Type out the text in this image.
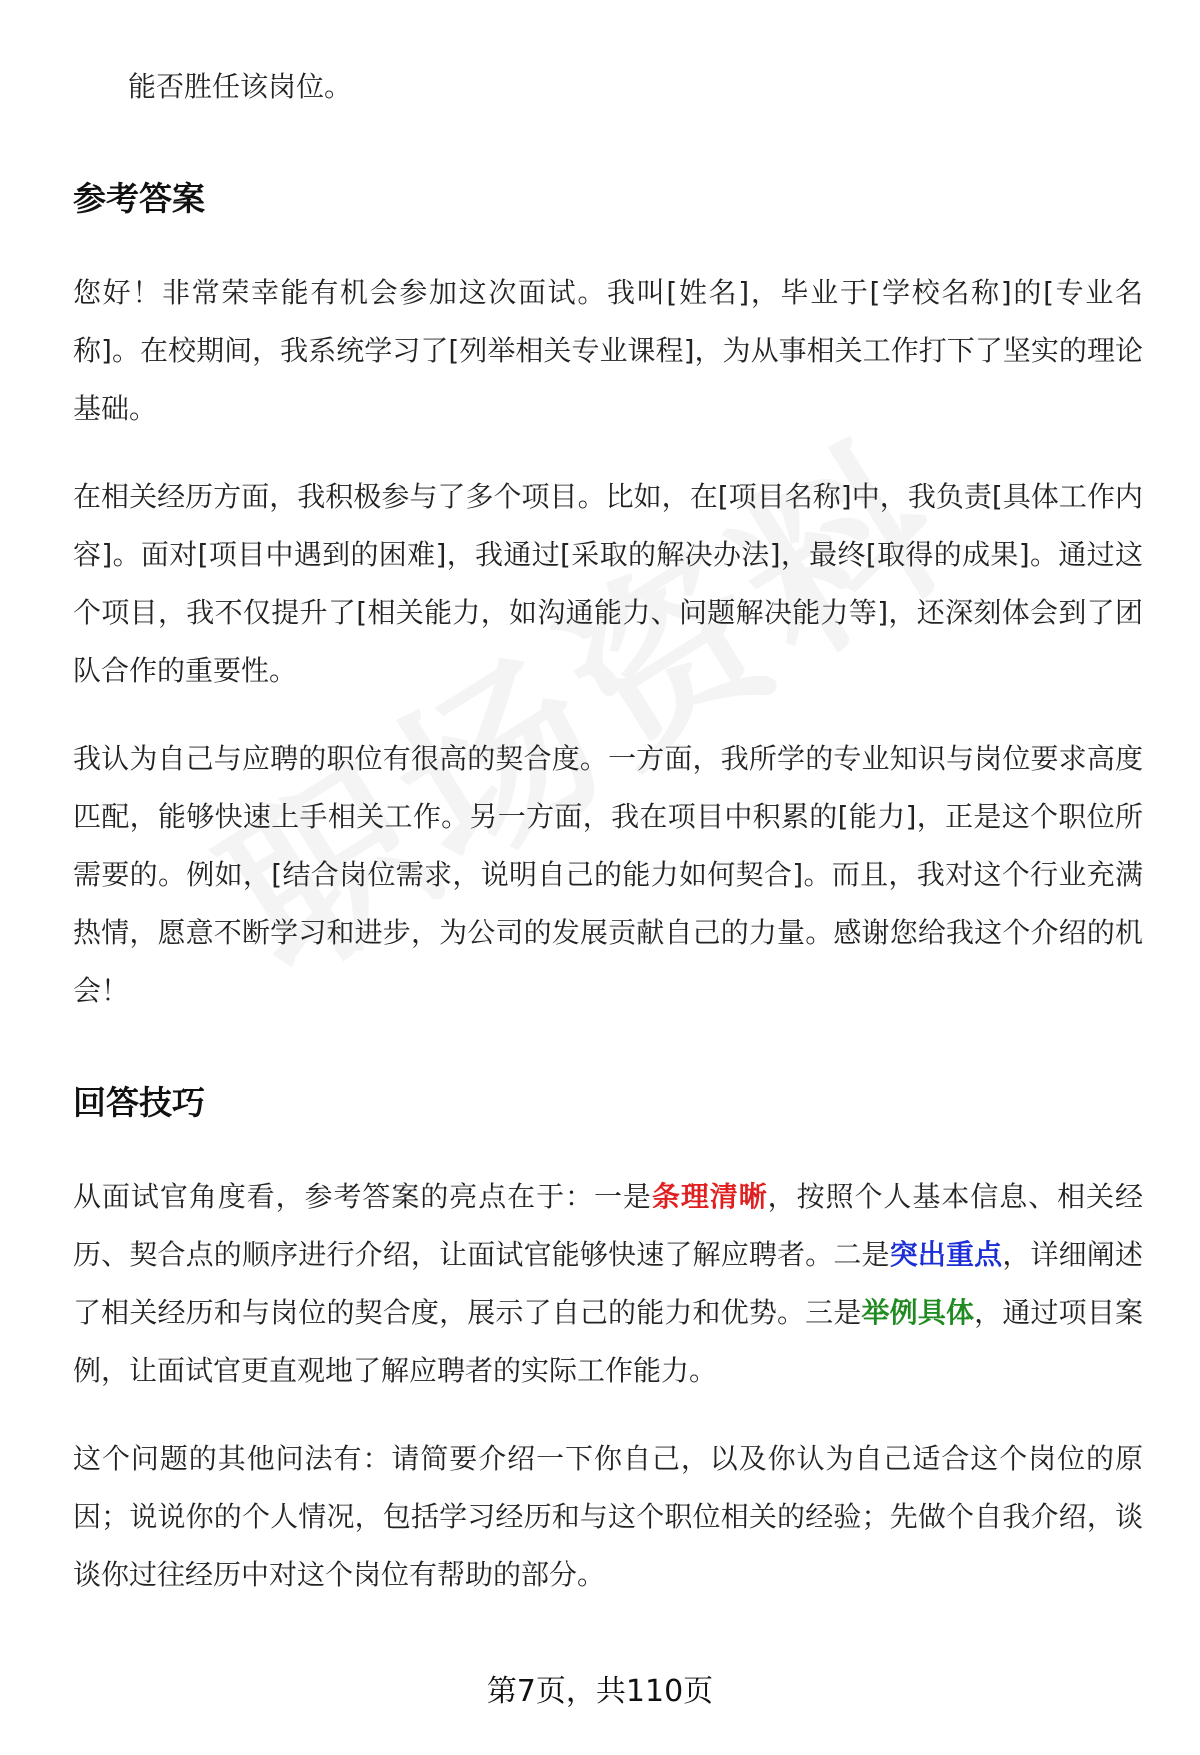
能否胜任该岗位。
参考答案

您好！非常荣幸能有机会参加这次面试。我叫[姓名]，毕业于[学校名称]的[专业名称]。在校期间，我系统学习了[列举相关专业课程]，为从事相关工作打下了坚实的理论基础。

在相关经历方面，我积极参与了多个项目。比如，在[项目名称]中，我负责[具体工作内容]。面对[项目中遇到的困难]，我通过[采取的解决办法]，最终[取得的成果]。通过这个项目，我不仅提升了[相关能力，如沟通能力、问题解决能力等]，还深刻体会到了团队合作的重要性。

我认为自己与应聘的职位有很高的契合度。一方面，我所学的专业知识与岗位要求高度匹配，能够快速上手相关工作。另一方面，我在项目中积累的[能力]，正是这个职位所需要的。例如，[结合岗位需求，说明自己的能力如何契合]。而且，我对这个行业充满热情，愿意不断学习和进步，为公司的发展贡献自己的力量。感谢您给我这个介绍的机会！

回答技巧

从面试官角度看，参考答案的亮点在于：一是条理清晰，按照个人基本信息、相关经历、契合点的顺序进行介绍，让面试官能够快速了解应聘者。二是突出重点，详细阐述了相关经历和与岗位的契合度，展示了自己的能力和优势。三是举例具体，通过项目案例，让面试官更直观地了解应聘者的实际工作能力。

这个问题的其他问法有：请简要介绍一下你自己，以及你认为自己适合这个岗位的原因；说说你的个人情况，包括学习经历和与这个职位相关的经验；先做个自我介绍，谈谈你过往经历中对这个岗位有帮助的部分。

第7页，共110页
